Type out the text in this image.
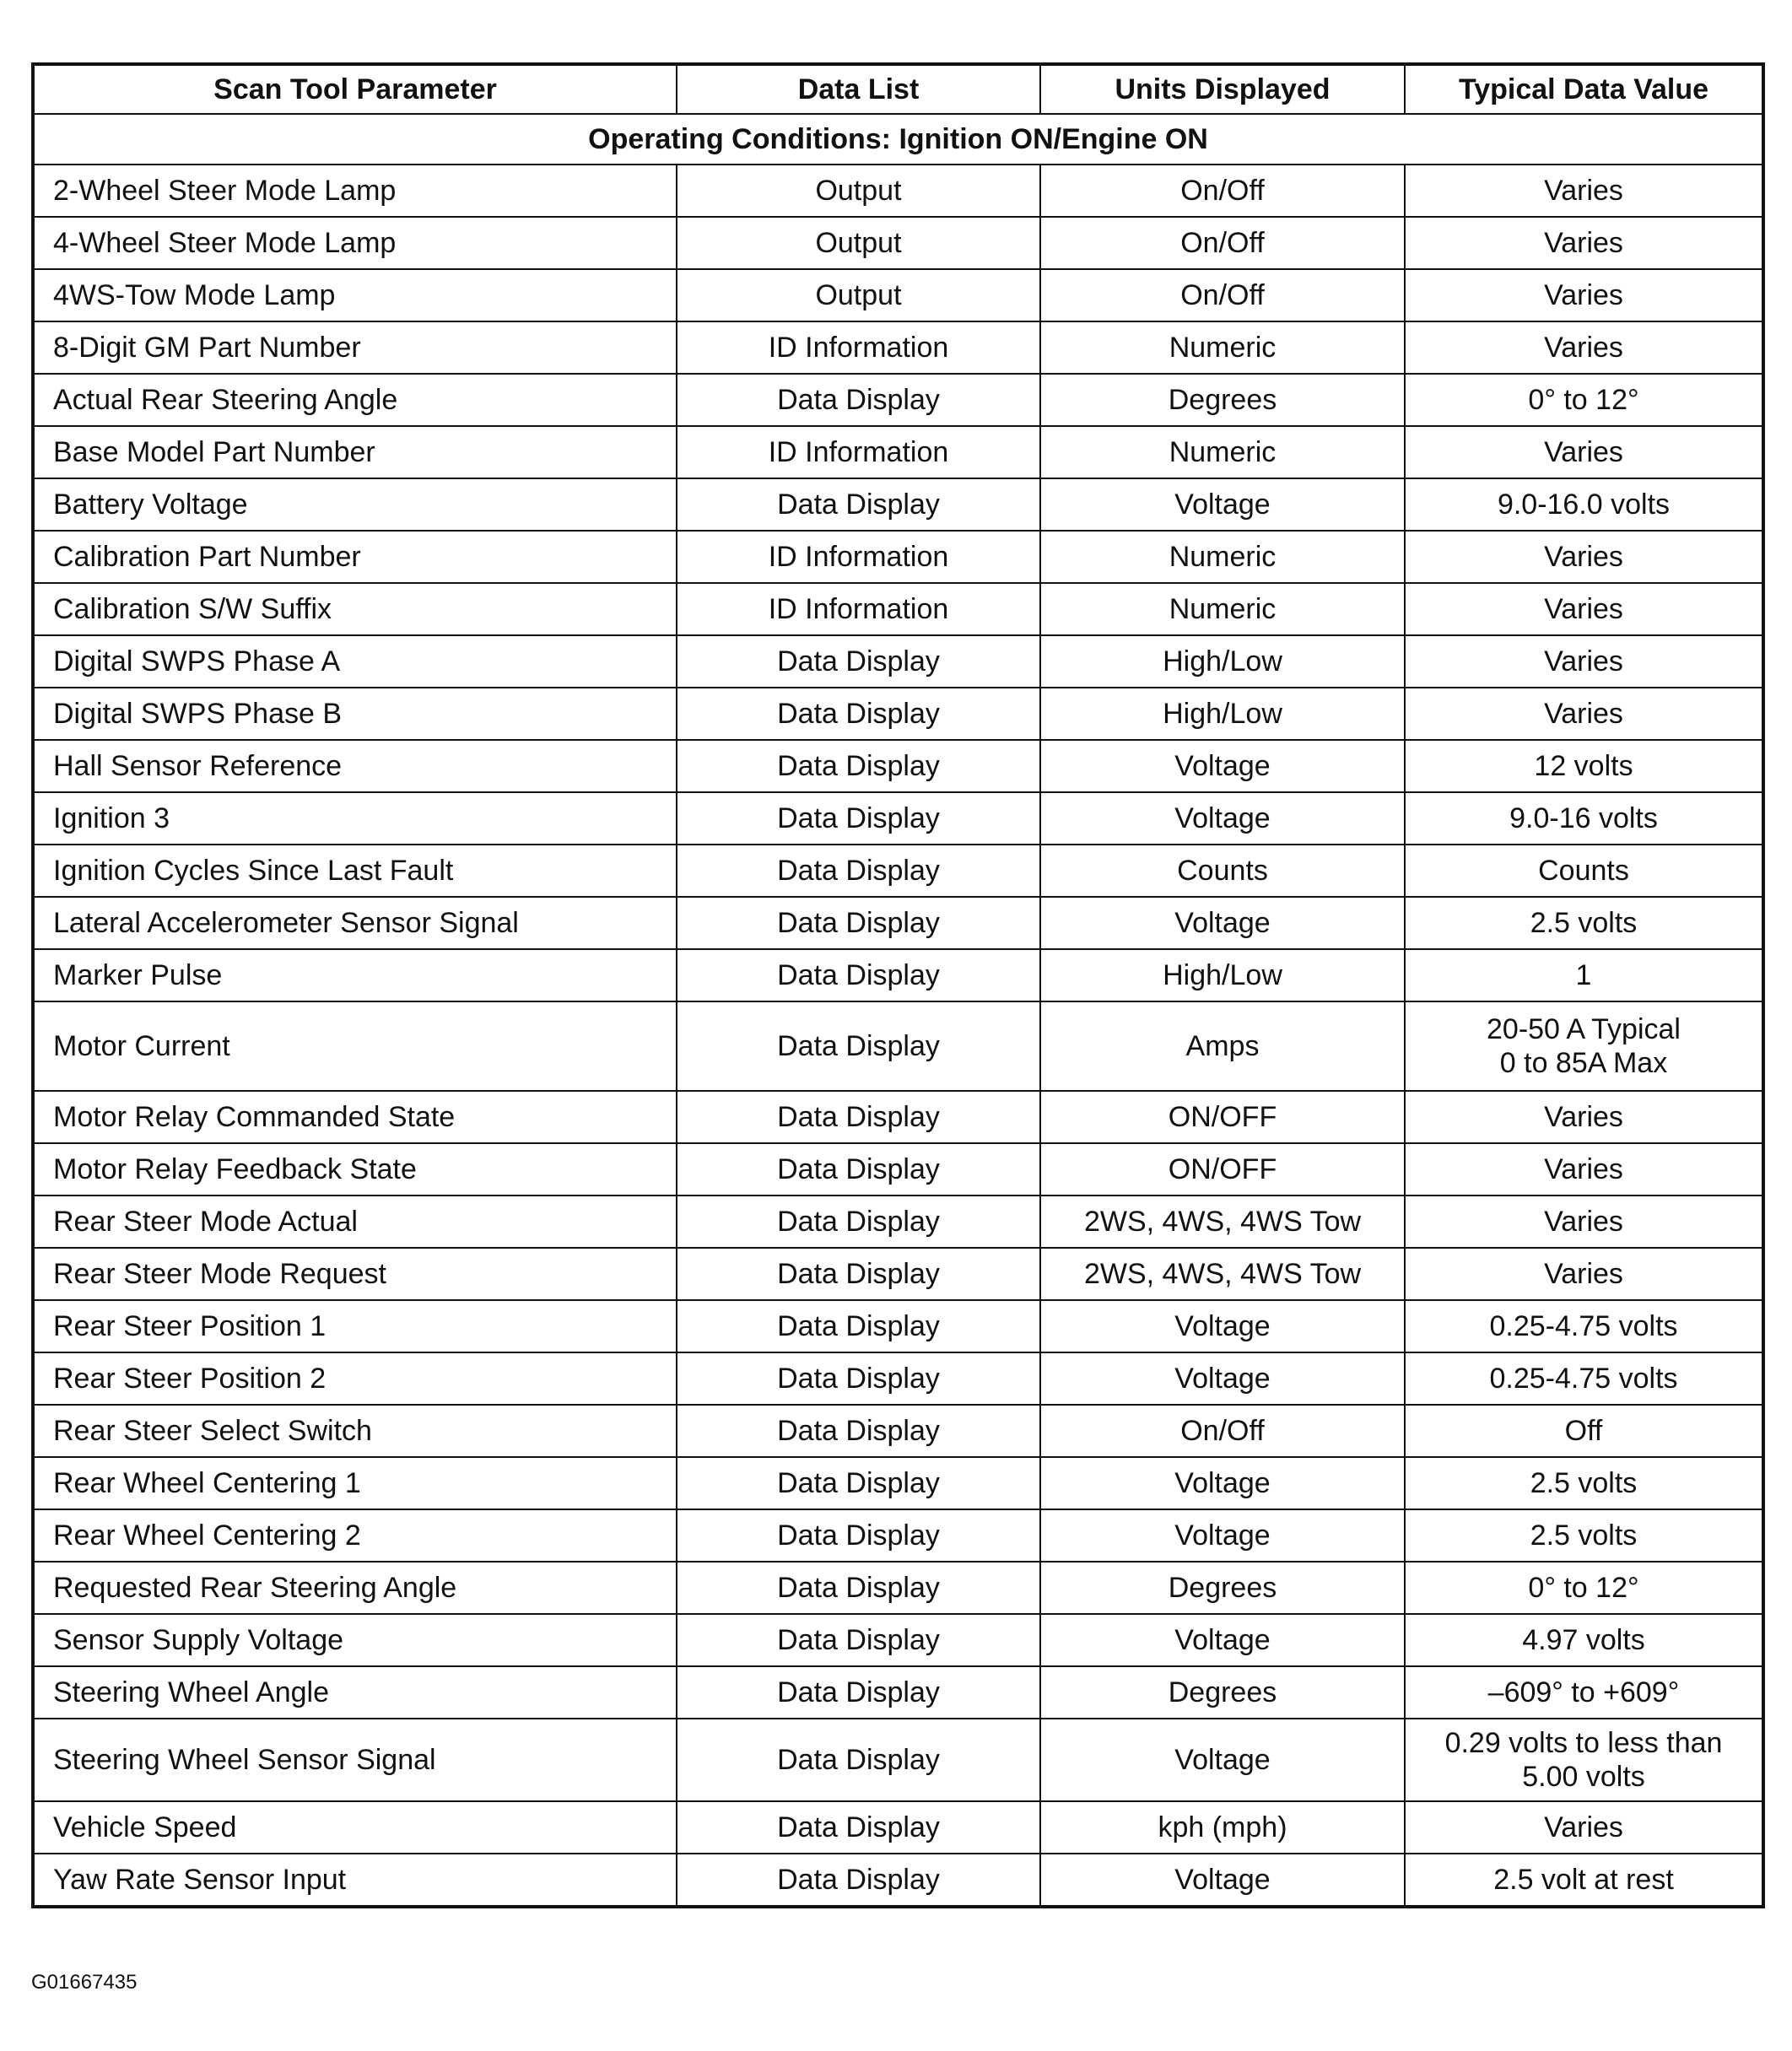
Scan Tool Parameter	Data List	Units Displayed	Typical Data Value
Operating Conditions: Ignition ON/Engine ON			
2-Wheel Steer Mode Lamp	Output	On/Off	Varies
4-Wheel Steer Mode Lamp	Output	On/Off	Varies
4WS-Tow Mode Lamp	Output	On/Off	Varies
8-Digit GM Part Number	ID Information	Numeric	Varies
Actual Rear Steering Angle	Data Display	Degrees	0° to 12°
Base Model Part Number	ID Information	Numeric	Varies
Battery Voltage	Data Display	Voltage	9.0-16.0 volts
Calibration Part Number	ID Information	Numeric	Varies
Calibration S/W Suffix	ID Information	Numeric	Varies
Digital SWPS Phase A	Data Display	High/Low	Varies
Digital SWPS Phase B	Data Display	High/Low	Varies
Hall Sensor Reference	Data Display	Voltage	12 volts
Ignition 3	Data Display	Voltage	9.0-16 volts
Ignition Cycles Since Last Fault	Data Display	Counts	Counts
Lateral Accelerometer Sensor Signal	Data Display	Voltage	2.5 volts
Marker Pulse	Data Display	High/Low	1
Motor Current	Data Display	Amps	20-50 A Typical
0 to 85A Max
Motor Relay Commanded State	Data Display	ON/OFF	Varies
Motor Relay Feedback State	Data Display	ON/OFF	Varies
Rear Steer Mode Actual	Data Display	2WS, 4WS, 4WS Tow	Varies
Rear Steer Mode Request	Data Display	2WS, 4WS, 4WS Tow	Varies
Rear Steer Position 1	Data Display	Voltage	0.25-4.75 volts
Rear Steer Position 2	Data Display	Voltage	0.25-4.75 volts
Rear Steer Select Switch	Data Display	On/Off	Off
Rear Wheel Centering 1	Data Display	Voltage	2.5 volts
Rear Wheel Centering 2	Data Display	Voltage	2.5 volts
Requested Rear Steering Angle	Data Display	Degrees	0° to 12°
Sensor Supply Voltage	Data Display	Voltage	4.97 volts
Steering Wheel Angle	Data Display	Degrees	–609° to +609°
Steering Wheel Sensor Signal	Data Display	Voltage	0.29 volts to less than
5.00 volts
Vehicle Speed	Data Display	kph (mph)	Varies
Yaw Rate Sensor Input	Data Display	Voltage	2.5 volt at rest
G01667435
